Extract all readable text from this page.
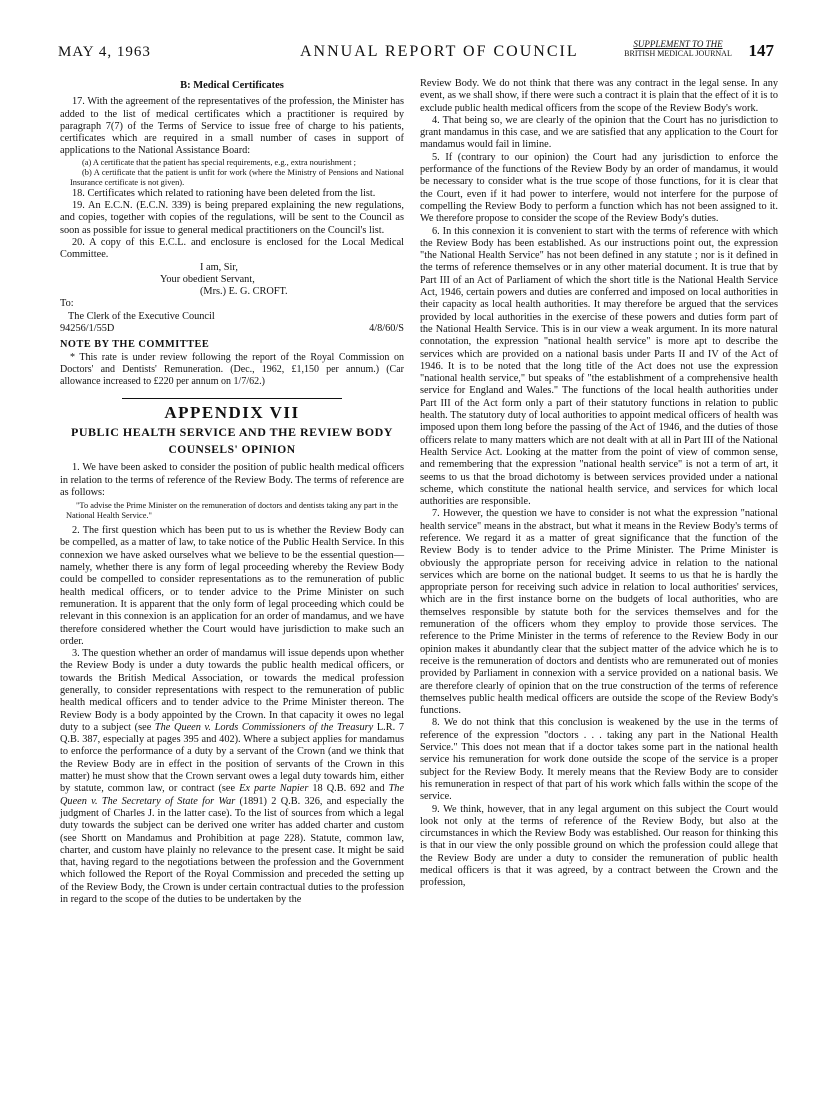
MAY 4, 1963	ANNUAL REPORT OF COUNCIL	SUPPLEMENT TO THE
BRITISH MEDICAL JOURNAL 147
B: Medical Certificates

17. With the agreement of the representatives of the profession, the Minister has added to the list of medical certificates which a practitioner is required by paragraph 7(7) of the Terms of Service to issue free of charge to his patients, certificates which are required in a small number of cases in support of applications to the National Assistance Board:

(a) A certificate that the patient has special requirements, e.g., extra nourishment ;

(b) A certificate that the patient is unfit for work (where the Ministry of Pensions and National Insurance certificate is not given).

18. Certificates which related to rationing have been deleted from the list.

19. An E.C.N. (E.C.N. 339) is being prepared explaining the new regulations, and copies, together with copies of the regulations, will be sent to the Council as soon as possible for issue to general medical practitioners on the Council's list.

20. A copy of this E.C.L. and enclosure is enclosed for the Local Medical Committee.

I am, Sir,
Your obedient Servant,
(Mrs.) E. G. CROFT.
To:
The Clerk of the Executive Council
94256/1/55D	4/8/60/S
NOTE BY THE COMMITTEE

* This rate is under review following the report of the Royal Commission on Doctors' and Dentists' Remuneration. (Dec., 1962, £1,150 per annum.) (Car allowance increased to £220 per annum on 1/7/62.)

APPENDIX VII
PUBLIC HEALTH SERVICE AND THE REVIEW BODY
COUNSELS' OPINION

1. We have been asked to consider the position of public health medical officers in relation to the terms of reference of the Review Body. The terms of reference are as follows:

"To advise the Prime Minister on the remuneration of doctors and dentists taking any part in the National Health Service."

2. The first question which has been put to us is whether the Review Body can be compelled, as a matter of law, to take notice of the Public Health Service. In this connexion we have asked ourselves what we believe to be the essential question—namely, whether there is any form of legal proceeding whereby the Review Body could be compelled to consider representations as to the remuneration of public health medical officers, or to tender advice to the Prime Minister on such remuneration. It is apparent that the only form of legal proceeding which could be relevant in this connexion is an application for an order of mandamus, and we have therefore considered whether the Court would have jurisdiction to make such an order.

3. The question whether an order of mandamus will issue depends upon whether the Review Body is under a duty towards the public health medical officers, or towards the British Medical Association, or towards the medical profession generally, to consider representations with respect to the remuneration of public health medical officers and to tender advice to the Prime Minister thereon. The Review Body is a body appointed by the Crown. In that capacity it owes no legal duty to a subject (see The Queen v. Lords Commissioners of the Treasury L.R. 7 Q.B. 387, especially at pages 395 and 402). Where a subject applies for mandamus to enforce the performance of a duty by a servant of the Crown (and we think that the Review Body are in effect in the position of servants of the Crown in this matter) he must show that the Crown servant owes a legal duty towards him, either by statute, common law, or contract (see Ex parte Napier 18 Q.B. 692 and The Queen v. The Secretary of State for War (1891) 2 Q.B. 326, and especially the judgment of Charles J. in the latter case). To the list of sources from which a legal duty towards the subject can be derived one writer has added charter and custom (see Shortt on Mandamus and Prohibition at page 228). Statute, common law, charter, and custom have plainly no relevance to the present case. It might be said that, having regard to the negotiations between the profession and the Government which followed the Report of the Royal Commission and preceded the setting up of the Review Body, the Crown is under certain contractual duties to the profession in regard to the scope of the duties to be undertaken by the

Review Body. We do not think that there was any contract in the legal sense. In any event, as we shall show, if there were such a contract it is plain that the effect of it is to exclude public health medical officers from the scope of the Review Body's work.

4. That being so, we are clearly of the opinion that the Court has no jurisdiction to grant mandamus in this case, and we are satisfied that any application to the Court for mandamus would fail in limine.

5. If (contrary to our opinion) the Court had any jurisdiction to enforce the performance of the functions of the Review Body by an order of mandamus, it would be necessary to consider what is the true scope of those functions, for it is clear that the Court, even if it had power to interfere, would not interfere for the purpose of compelling the Review Body to perform a function which has not been assigned to it. We therefore propose to consider the scope of the Review Body's duties.

6. In this connexion it is convenient to start with the terms of reference with which the Review Body has been established. As our instructions point out, the expression "the National Health Service" has not been defined in any statute ; nor is it defined in the terms of reference themselves or in any other material document. It is true that by Part III of an Act of Parliament of which the short title is the National Health Service Act, 1946, certain powers and duties are conferred and imposed on local authorities in their capacity as local health authorities. It may therefore be argued that the services provided by local authorities in the exercise of these powers and duties form part of the National Health Service. This is in our view a weak argument. In its more natural connotation, the expression "national health service" is more apt to describe the services which are provided on a national basis under Parts II and IV of the Act of 1946. It is to be noted that the long title of the Act does not use the expression "national health service," but speaks of "the establishment of a comprehensive health service for England and Wales." The functions of the local health authorities under Part III of the Act form only a part of their statutory functions in relation to public health. The statutory duty of local authorities to appoint medical officers of health was imposed upon them long before the passing of the Act of 1946, and the duties of those officers relate to many matters which are not dealt with at all in Part III of the National Health Service Act. Looking at the matter from the point of view of common sense, and remembering that the expression "national health service" is not a term of art, it seems to us that the broad dichotomy is between services provided under a national scheme, which constitute the national health service, and services for which local authorities are responsible.

7. However, the question we have to consider is not what the expression "national health service" means in the abstract, but what it means in the Review Body's terms of reference. We regard it as a matter of great significance that the function of the Review Body is to tender advice to the Prime Minister. The Prime Minister is obviously the appropriate person for receiving advice in relation to the national services which are borne on the national budget. It seems to us that he is hardly the appropriate person for receiving such advice in relation to local authorities' services, which are in the first instance borne on the budgets of local authorities, who are themselves responsible by statute both for the services themselves and for the remuneration of the officers whom they employ to provide those services. The reference to the Prime Minister in the terms of reference to the Review Body in our opinion makes it abundantly clear that the subject matter of the advice which he is to receive is the remuneration of doctors and dentists who are remunerated out of monies provided by Parliament in connexion with a service provided on a national basis. We are therefore clearly of opinion that on the true construction of the terms of reference themselves public health medical officers are outside the scope of the Review Body's functions.

8. We do not think that this conclusion is weakened by the use in the terms of reference of the expression "doctors . . . taking any part in the National Health Service." This does not mean that if a doctor takes some part in the national health service his remuneration for work done outside the scope of the service is a proper subject for the Review Body. It merely means that the Review Body are to consider his remuneration in respect of that part of his work which falls within the scope of the service.

9. We think, however, that in any legal argument on this subject the Court would look not only at the terms of reference of the Review Body, but also at the circumstances in which the Review Body was established. Our reason for thinking this is that in our view the only possible ground on which the profession could allege that the Review Body are under a duty to consider the remuneration of public health medical officers is that it was agreed, by a contract between the Crown and the profession,
